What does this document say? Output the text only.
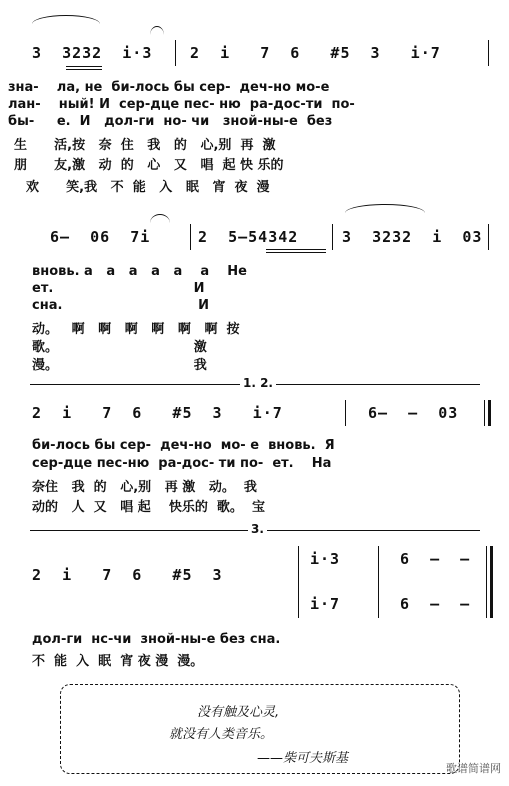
3  3232  i·3

	2  i   7  6   #5  3   i·7

зна-    ла, не  би-лось бы сер-  деч-но мо-е
лан-    ный! И  сер-дце пес- ню  ра-дос-ти  по-
бы-     е.  И   дол-ги  но- чи   зной-ны-е  без
生      活,按   奈  住   我   的   心,别  再  激
朋      友,激   动  的   心   又   唱  起 快 乐的
欢      笑,我   不  能   入   眠   宵  夜  漫

6—  06  7i

	2  5—54342

	3  3232  i  03

вновь. а   а   а   а   а    а    Не
ет.                               И
сна.                              И
动。   啊   啊   啊   啊   啊   啊  按
歌。                              激
漫。                              我
1. 2.

2  i   7  6   #5  3   i·7

	6—  —  03

би-лось бы сер-  деч-но  мо- е  вновь.  Я
сер-дце пес-ню  ра-дос- ти по-  ет.    На
奈住   我  的   心,别   再 激   动。  我
动的   人  又   唱 起    快乐的  歌。  宝
3.

2  i   7  6   #5  3

i·3

	6  —  —

i·7

	6  —  —

дол-ги  нс-чи  зной-ны-е без сна.
不  能  入  眠  宵 夜 漫  漫。
没有触及心灵,
就没有人类音乐。
——柴可夫斯基
歌谱简谱网
